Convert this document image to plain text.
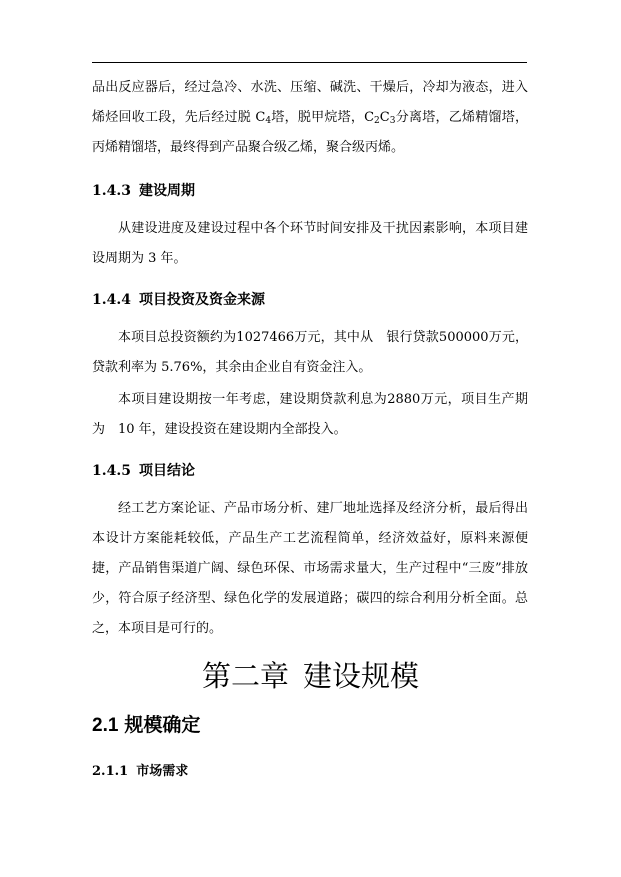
品出反应器后，经过急冷、水洗、压缩、碱洗、干燥后，冷却为液态，进入烯烃回收工段，先后经过脱 $C_4$塔，脱甲烷塔，$C_2C_3$分离塔，乙烯精馏塔，丙烯精馏塔，最终得到产品聚合级乙烯，聚合级丙烯。

1.4.3 建设周期

从建设进度及建设过程中各个环节时间安排及干扰因素影响，本项目建设周期为 3 年。

1.4.4 项目投资及资金来源

本项目总投资额约为1027466万元，其中从　银行贷款500000万元，贷款利率为 5.76%，其余由企业自有资金注入。

本项目建设期按一年考虑，建设期贷款利息为2880万元，项目生产期为　10 年，建设投资在建设期内全部投入。

1.4.5 项目结论

经工艺方案论证、产品市场分析、建厂地址选择及经济分析，最后得出本设计方案能耗较低，产品生产工艺流程简单，经济效益好，原料来源便捷，产品销售渠道广阔、绿色环保、市场需求量大，生产过程中“三废”排放少，符合原子经济型、绿色化学的发展道路；碳四的综合利用分析全面。总之，本项目是可行的。

第二章 建设规模
2.1 规模确定
2.1.1 市场需求
